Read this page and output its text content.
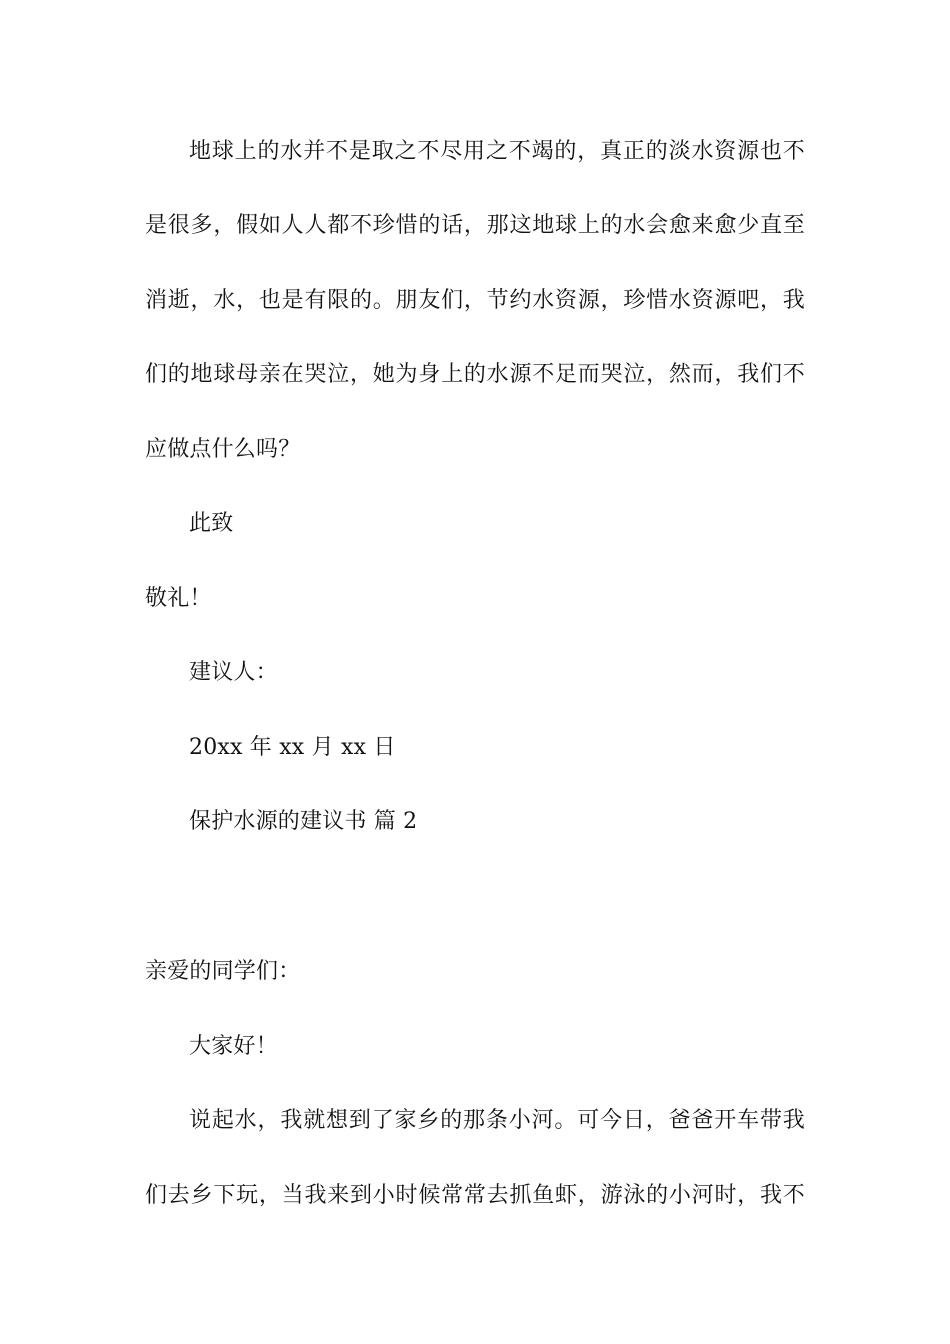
地球上的水并不是取之不尽用之不竭的，真正的淡水资源也不
是很多，假如人人都不珍惜的话，那这地球上的水会愈来愈少直至
消逝，水，也是有限的。朋友们，节约水资源，珍惜水资源吧，我
们的地球母亲在哭泣，她为身上的水源不足而哭泣，然而，我们不
应做点什么吗？
此致
敬礼！
建议人：
20xx 年 xx 月 xx 日
保护水源的建议书 篇 2
亲爱的同学们：
大家好！
说起水，我就想到了家乡的那条小河。可今日，爸爸开车带我
们去乡下玩，当我来到小时候常常去抓鱼虾，游泳的小河时，我不
